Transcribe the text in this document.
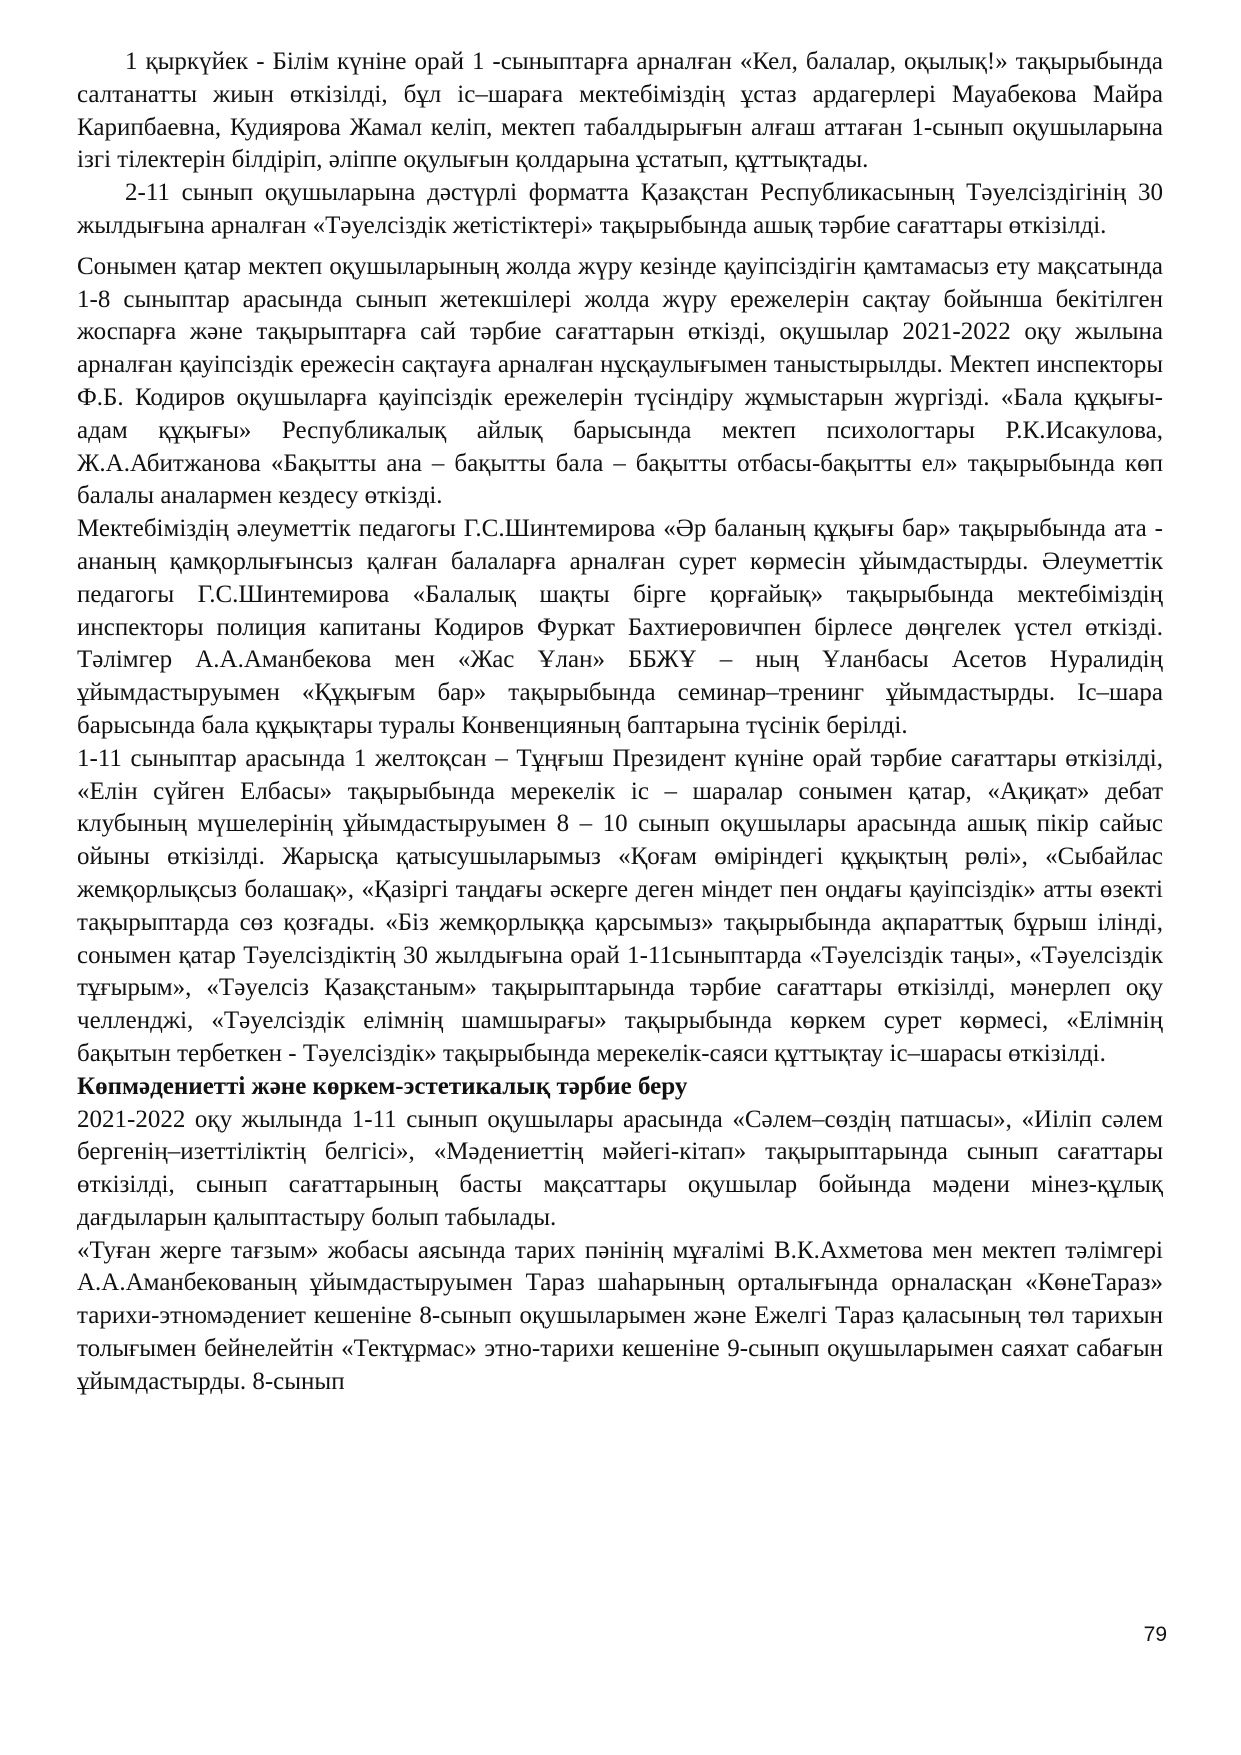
1 қыркүйек - Білім күніне орай 1 -сыныптарға арналған «Кел, балалар, оқылық!» тақырыбында салтанатты жиын өткізілді, бұл іс–шараға мектебіміздің ұстаз ардагерлері Мауабекова Майра Карипбаевна, Кудиярова Жамал келіп, мектеп табалдырығын алғаш аттаған 1-сынып оқушыларына ізгі тілектерін білдіріп, әліппе оқулығын қолдарына ұстатып, құттықтады.

2-11 сынып оқушыларына дәстүрлі форматта Қазақстан Республикасының Тәуелсіздігінің 30 жылдығына арналған «Тәуелсіздік жетістіктері» тақырыбында ашық тәрбие сағаттары өткізілді.

Сонымен қатар мектеп оқушыларының жолда жүру кезінде қауіпсіздігін қамтамасыз ету мақсатында 1-8 сыныптар арасында сынып жетекшілері жолда жүру ережелерін сақтау бойынша бекітілген жоспарға және тақырыптарға сай тәрбие сағаттарын өткізді, оқушылар 2021-2022 оқу жылына арналған қауіпсіздік ережесін сақтауға арналған нұсқаулығымен таныстырылды. Мектеп инспекторы Ф.Б. Кодиров оқушыларға қауіпсіздік ережелерін түсіндіру жұмыстарын жүргізді. «Бала құқығы-адам құқығы» Республикалық айлық барысында мектеп психологтары Р.К.Исакулова, Ж.А.Абитжанова «Бақытты ана – бақытты бала – бақытты отбасы-бақытты ел» тақырыбында көп балалы аналармен кездесу өткізді.

Мектебіміздің әлеуметтік педагогы Г.С.Шинтемирова «Әр баланың құқығы бар» тақырыбында ата - ананың қамқорлығынсыз қалған балаларға арналған сурет көрмесін ұйымдастырды. Әлеуметтік педагогы Г.С.Шинтемирова «Балалық шақты бірге қорғайық» тақырыбында мектебіміздің инспекторы полиция капитаны Кодиров Фуркат Бахтиеровичпен бірлесе дөңгелек үстел өткізді. Тәлімгер А.А.Аманбекова мен «Жас Ұлан» ББЖҰ – ның Ұланбасы Асетов Нуралидің ұйымдастыруымен «Құқығым бар» тақырыбында семинар–тренинг ұйымдастырды. Іс–шара барысында бала құқықтары туралы Конвенцияның баптарына түсінік берілді.

1-11 сыныптар арасында 1 желтоқсан – Тұңғыш Президент күніне орай тәрбие сағаттары өткізілді, «Елін сүйген Елбасы» тақырыбында мерекелік іс – шаралар сонымен қатар, «Ақиқат» дебат клубының мүшелерінің ұйымдастыруымен 8 – 10 сынып оқушылары арасында ашық пікір сайыс ойыны өткізілді. Жарысқа қатысушыларымыз «Қоғам өміріндегі құқықтың рөлі», «Сыбайлас жемқорлықсыз болашақ», «Қазіргі таңдағы әскерге деген міндет пен оңдағы қауіпсіздік» атты өзекті тақырыптарда сөз қозғады. «Біз жемқорлыққа қарсымыз» тақырыбында ақпараттық бұрыш ілінді, сонымен қатар Тәуелсіздіктің 30 жылдығына орай 1-11сыныптарда «Тәуелсіздік таңы», «Тәуелсіздік тұғырым», «Тәуелсіз Қазақстаным» тақырыптарында тәрбие сағаттары өткізілді, мәнерлеп оқу челленджі, «Тәуелсіздік елімнің шамшырағы» тақырыбында көркем сурет көрмесі, «Елімнің бақытын тербеткен - Тәуелсіздік» тақырыбында мерекелік-саяси құттықтау іс–шарасы өткізілді.

Көпмәдениетті және көркем-эстетикалық тәрбие беру

2021-2022 оқу жылында 1-11 сынып оқушылары арасында «Сәлем–сөздің патшасы», «Иіліп сәлем бергенің–изеттіліктің белгісі», «Мәдениеттің мәйегі-кітап» тақырыптарында сынып сағаттары өткізілді, сынып сағаттарының басты мақсаттары оқушылар бойында мәдени мінез-құлық дағдыларын қалыптастыру болып табылады.

«Туған жерге тағзым» жобасы аясында тарих пәнінің мұғалімі В.К.Ахметова мен мектеп тәлімгері А.А.Аманбекованың ұйымдастыруымен Тараз шаһарының орталығында орналасқан «КөнеТараз» тарихи-этномәдениет кешеніне 8-сынып оқушыларымен және Ежелгі Тараз қаласының төл тарихын толығымен бейнелейтін «Тектұрмас» этно-тарихи кешеніне 9-сынып оқушыларымен саяхат сабағын ұйымдастырды. 8-сынып

79
